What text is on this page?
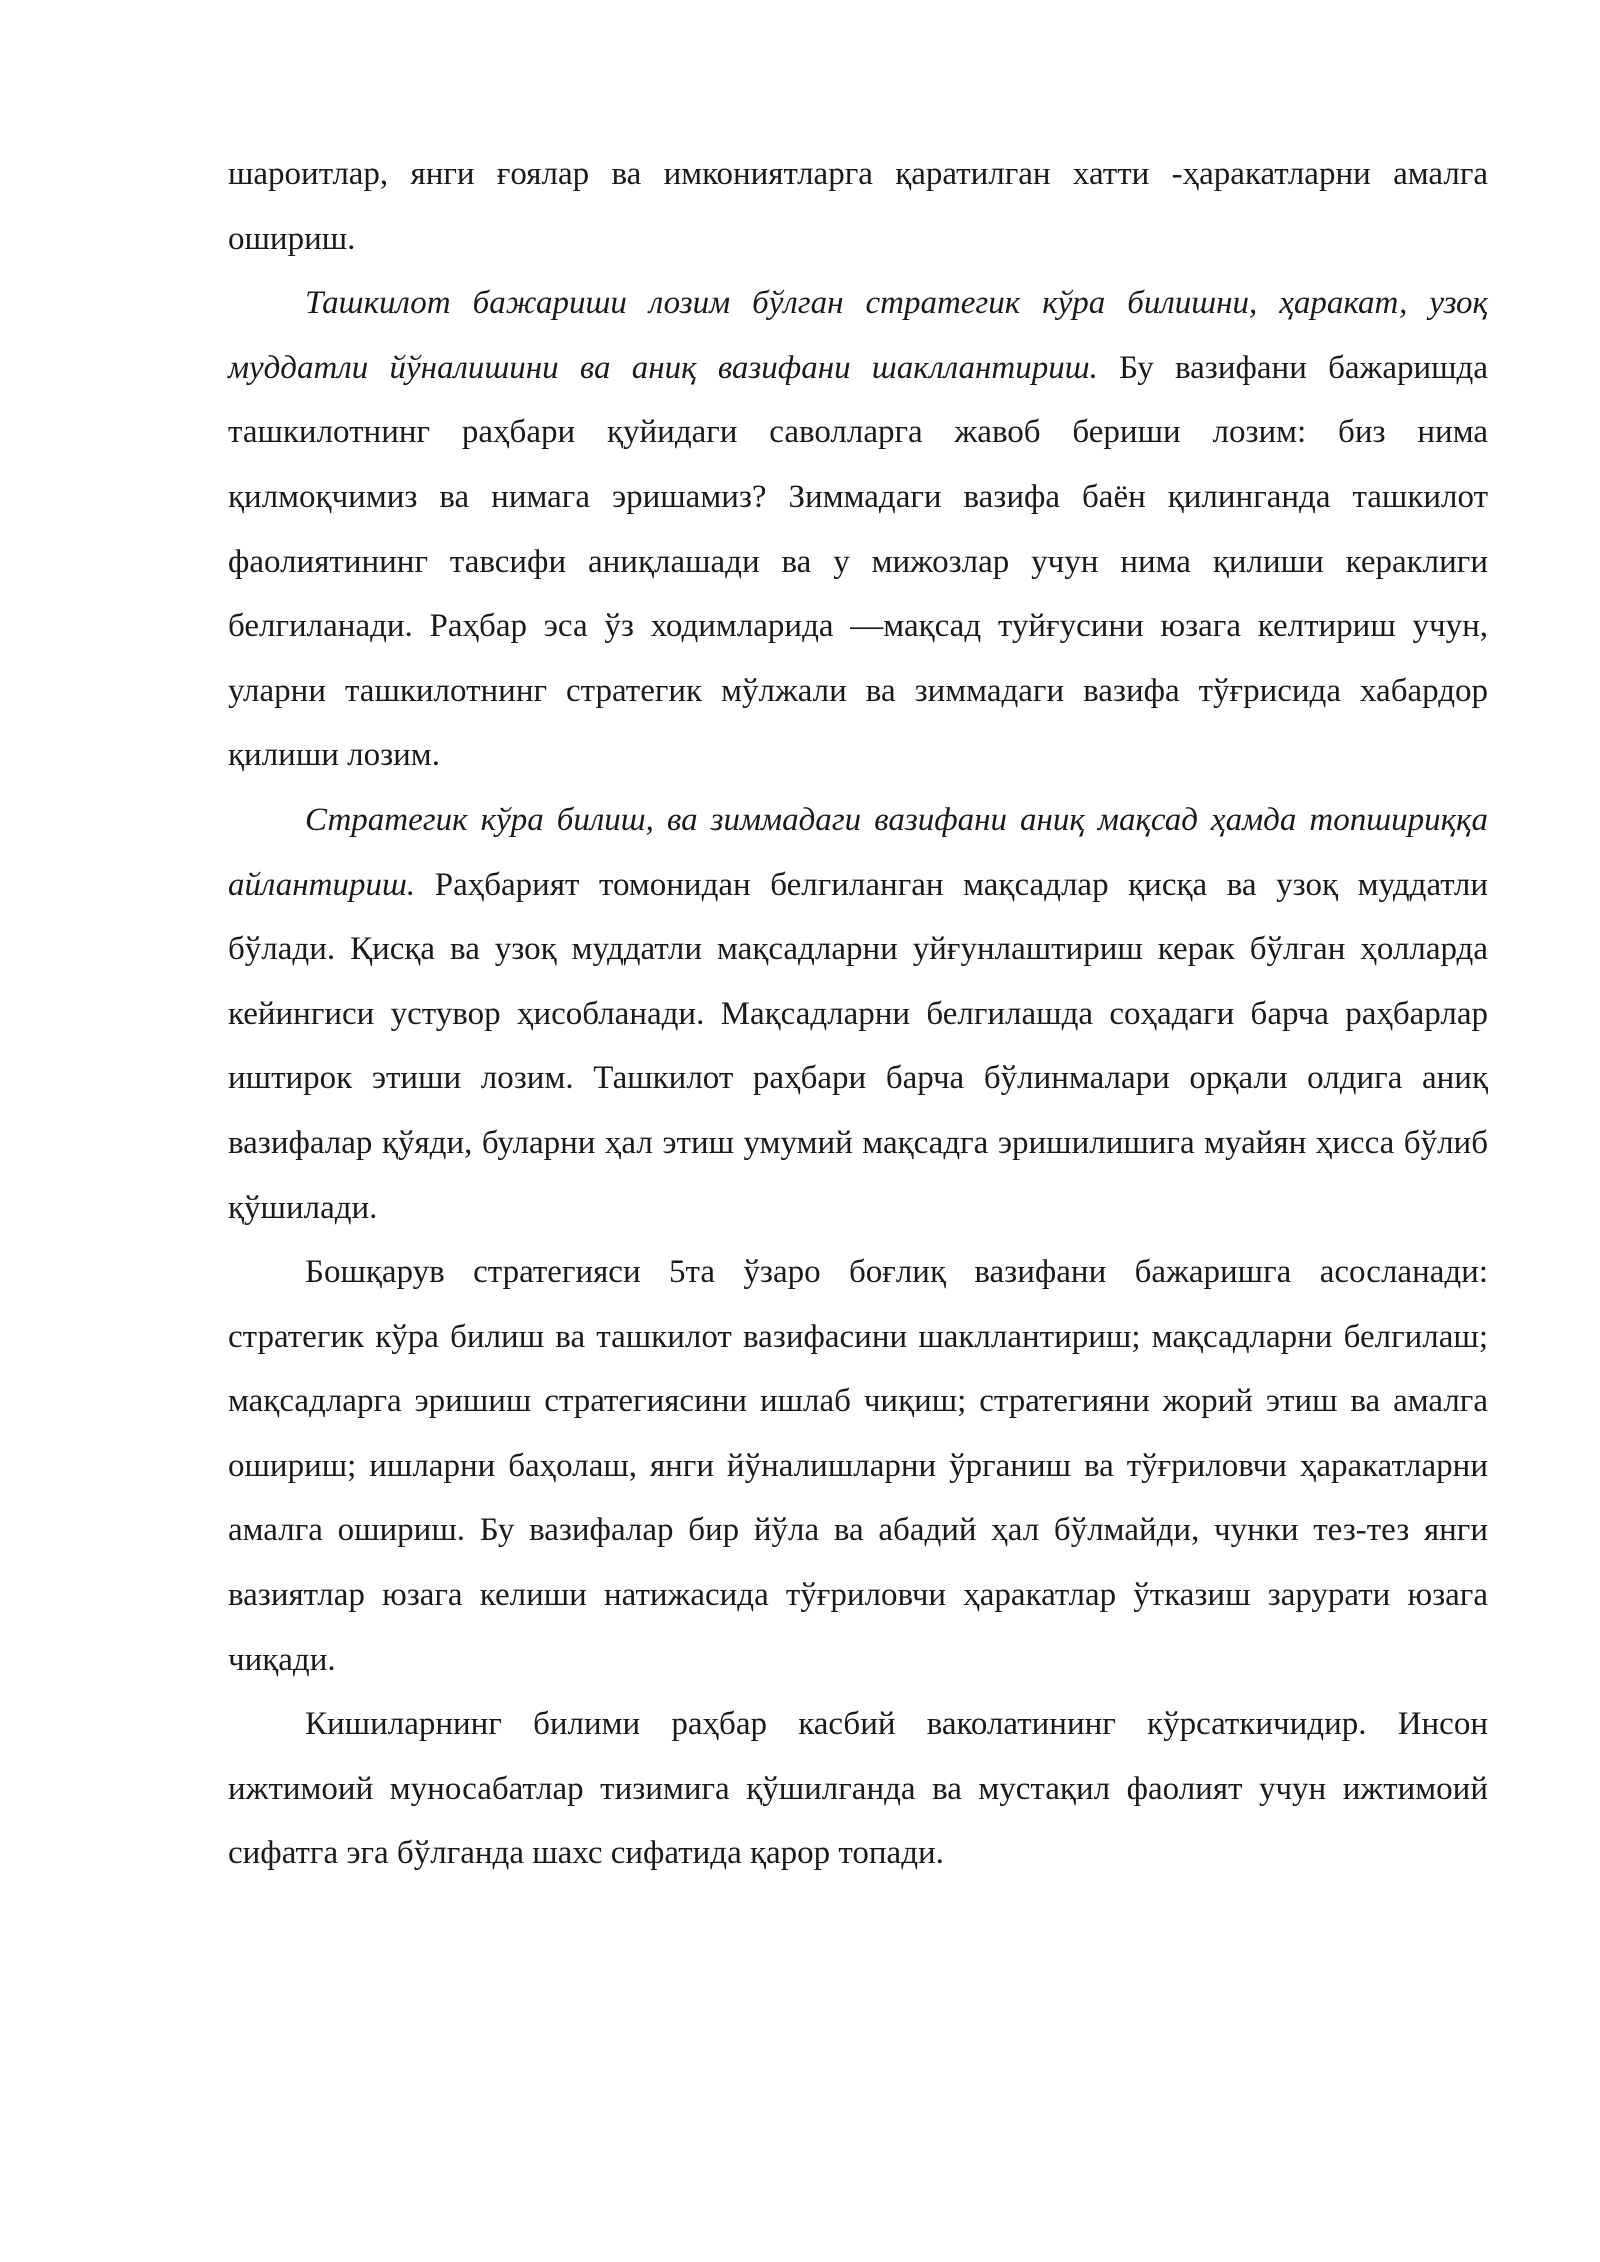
шароитлар, янги ғоялар ва имкониятларга қаратилган хатти -ҳаракатларни амалга ошириш.

Ташкилот бажариши лозим бўлган стратегик кўра билишни, ҳаракат, узоқ муддатли йўналишини ва аниқ вазифани шакллантириш. Бу вазифани бажаришда ташкилотнинг раҳбари қуйидаги саволларга жавоб бериши лозим: биз нима қилмоқчимиз ва нимага эришамиз? Зиммадаги вазифа баён қилинганда ташкилот фаолиятининг тавсифи аниқлашади ва у мижозлар учун нима қилиши кераклиги белгиланади. Раҳбар эса ўз ходимларида ―мақсад туйғусини юзага келтириш учун, уларни ташкилотнинг стратегик мўлжали ва зиммадаги вазифа тўғрисида хабардор қилиши лозим.

Стратегик кўра билиш, ва зиммадаги вазифани аниқ мақсад ҳамда топшириққа айлантириш. Раҳбарият томонидан белгиланган мақсадлар қисқа ва узоқ муддатли бўлади. Қисқа ва узоқ муддатли мақсадларни уйғунлаштириш керак бўлган ҳолларда кейингиси устувор ҳисобланади. Мақсадларни белгилашда соҳадаги барча раҳбарлар иштирок этиши лозим. Ташкилот раҳбари барча бўлинмалари орқали олдига аниқ вазифалар қўяди, буларни ҳал этиш умумий мақсадга эришилишига муайян ҳисса бўлиб қўшилади.

Бошқарув стратегияси 5та ўзаро боғлиқ вазифани бажаришга асосланади: стратегик кўра билиш ва ташкилот вазифасини шакллантириш; мақсадларни белгилаш; мақсадларга эришиш стратегиясини ишлаб чиқиш; стратегияни жорий этиш ва амалга ошириш; ишларни баҳолаш, янги йўналишларни ўрганиш ва тўғриловчи ҳаракатларни амалга ошириш. Бу вазифалар бир йўла ва абадий ҳал бўлмайди, чунки тез-тез янги вазиятлар юзага келиши натижасида тўғриловчи ҳаракатлар ўтказиш зарурати юзага чиқади.

Кишиларнинг билими раҳбар касбий ваколатининг кўрсаткичидир. Инсон ижтимоий муносабатлар тизимига қўшилганда ва мустақил фаолият учун ижтимоий сифатга эга бўлганда шахс сифатида қарор топади.
